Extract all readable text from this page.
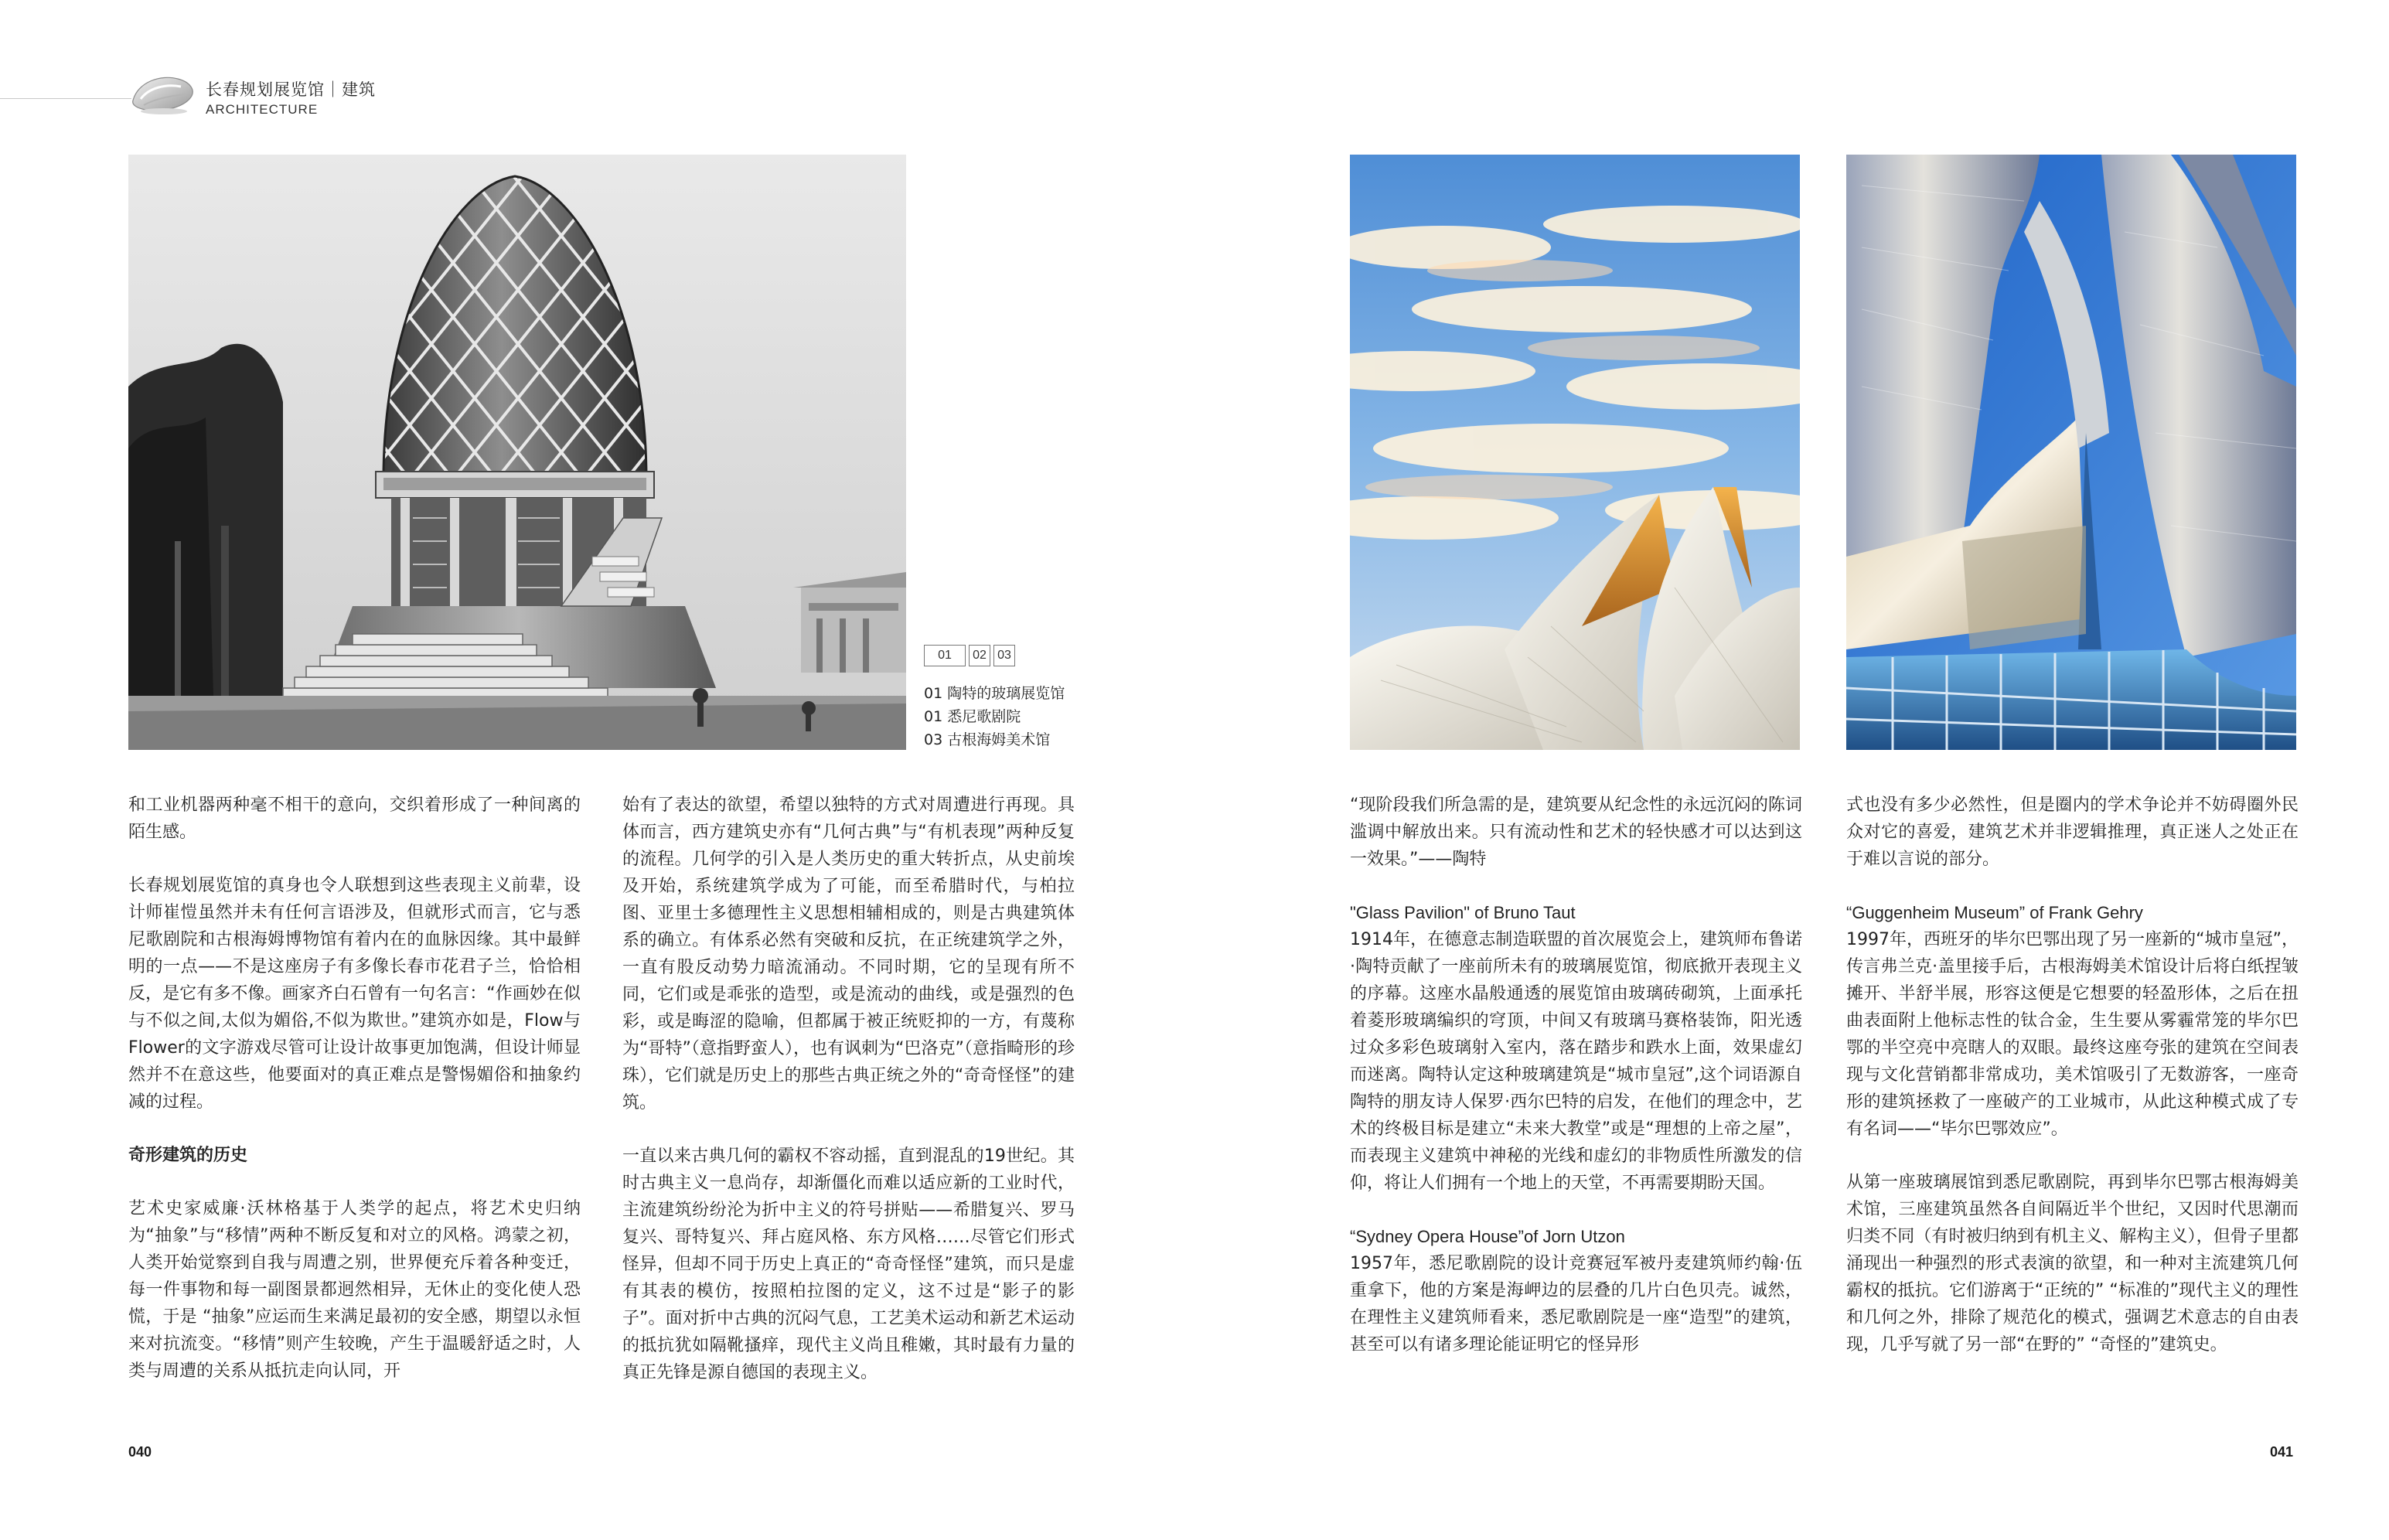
长春规划展览馆｜建筑
ARCHITECTURE
01	02 03
01 陶特的玻璃展览馆
01 悉尼歌剧院
03 古根海姆美术馆

和工业机器两种毫不相干的意向，交织着形成了一种间离的陌生感。

长春规划展览馆的真身也令人联想到这些表现主义前辈，设计师崔愷虽然并未有任何言语涉及，但就形式而言，它与悉尼歌剧院和古根海姆博物馆有着内在的血脉因缘。其中最鲜明的一点——不是这座房子有多像长春市花君子兰，恰恰相反，是它有多不像。画家齐白石曾有一句名言：“作画妙在似与不似之间,太似为媚俗,不似为欺世。”建筑亦如是，Flow与Flower的文字游戏尽管可让设计故事更加饱满，但设计师显然并不在意这些，他要面对的真正难点是警惕媚俗和抽象约减的过程。

奇形建筑的历史

艺术史家威廉·沃林格基于人类学的起点，将艺术史归纳为“抽象”与“移情”两种不断反复和对立的风格。鸿蒙之初，人类开始觉察到自我与周遭之别，世界便充斥着各种变迁，每一件事物和每一副图景都迥然相异，无休止的变化使人恐慌，于是 “抽象”应运而生来满足最初的安全感，期望以永恒来对抗流变。“移情”则产生较晚，产生于温暖舒适之时，人类与周遭的关系从抵抗走向认同，开

始有了表达的欲望，希望以独特的方式对周遭进行再现。具体而言，西方建筑史亦有“几何古典”与“有机表现”两种反复的流程。几何学的引入是人类历史的重大转折点，从史前埃及开始，系统建筑学成为了可能，而至希腊时代，与柏拉图、亚里士多德理性主义思想相辅相成的，则是古典建筑体系的确立。有体系必然有突破和反抗，在正统建筑学之外，一直有股反动势力暗流涌动。不同时期，它的呈现有所不同，它们或是乖张的造型，或是流动的曲线，或是强烈的色彩，或是晦涩的隐喻，但都属于被正统贬抑的一方，有蔑称为“哥特”（意指野蛮人），也有讽刺为“巴洛克”（意指畸形的珍珠），它们就是历史上的那些古典正统之外的“奇奇怪怪”的建筑。

一直以来古典几何的霸权不容动摇，直到混乱的19世纪。其时古典主义一息尚存，却渐僵化而难以适应新的工业时代，主流建筑纷纷沦为折中主义的符号拼贴——希腊复兴、罗马复兴、哥特复兴、拜占庭风格、东方风格……尽管它们形式怪异，但却不同于历史上真正的“奇奇怪怪”建筑，而只是虚有其表的模仿，按照柏拉图的定义，这不过是“影子的影子”。面对折中古典的沉闷气息，工艺美术运动和新艺术运动的抵抗犹如隔靴搔痒，现代主义尚且稚嫩，其时最有力量的真正先锋是源自德国的表现主义。

“现阶段我们所急需的是，建筑要从纪念性的永远沉闷的陈词滥调中解放出来。只有流动性和艺术的轻快感才可以达到这一效果。”——陶特

"Glass Pavilion" of Bruno Taut

1914年，在德意志制造联盟的首次展览会上，建筑师布鲁诺·陶特贡献了一座前所未有的玻璃展览馆，彻底掀开表现主义的序幕。这座水晶般通透的展览馆由玻璃砖砌筑，上面承托着菱形玻璃编织的穹顶，中间又有玻璃马赛格装饰，阳光透过众多彩色玻璃射入室内，落在踏步和跌水上面，效果虚幻而迷离。陶特认定这种玻璃建筑是“城市皇冠”,这个词语源自陶特的朋友诗人保罗·西尔巴特的启发，在他们的理念中，艺术的终极目标是建立“未来大教堂”或是“理想的上帝之屋”，而表现主义建筑中神秘的光线和虚幻的非物质性所激发的信仰，将让人们拥有一个地上的天堂，不再需要期盼天国。

“Sydney Opera House”of Jorn Utzon

1957年，悉尼歌剧院的设计竞赛冠军被丹麦建筑师约翰·伍重拿下，他的方案是海岬边的层叠的几片白色贝壳。诚然，在理性主义建筑师看来，悉尼歌剧院是一座“造型”的建筑，甚至可以有诸多理论能证明它的怪异形

式也没有多少必然性，但是圈内的学术争论并不妨碍圈外民众对它的喜爱，建筑艺术并非逻辑推理，真正迷人之处正在于难以言说的部分。

“Guggenheim Museum” of Frank Gehry

1997年，西班牙的毕尔巴鄂出现了另一座新的“城市皇冠”，传言弗兰克·盖里接手后，古根海姆美术馆设计后将白纸捏皱摊开、半舒半展，形容这便是它想要的轻盈形体，之后在扭曲表面附上他标志性的钛合金，生生要从雾霾常笼的毕尔巴鄂的半空亮中亮瞎人的双眼。最终这座夸张的建筑在空间表现与文化营销都非常成功，美术馆吸引了无数游客，一座奇形的建筑拯救了一座破产的工业城市，从此这种模式成了专有名词——“毕尔巴鄂效应”。

从第一座玻璃展馆到悉尼歌剧院，再到毕尔巴鄂古根海姆美术馆，三座建筑虽然各自间隔近半个世纪，又因时代思潮而归类不同（有时被归纳到有机主义、解构主义），但骨子里都涌现出一种强烈的形式表演的欲望，和一种对主流建筑几何霸权的抵抗。它们游离于“正统的” “标准的”现代主义的理性和几何之外，排除了规范化的模式，强调艺术意志的自由表现，几乎写就了另一部“在野的” “奇怪的”建筑史。

040	041
